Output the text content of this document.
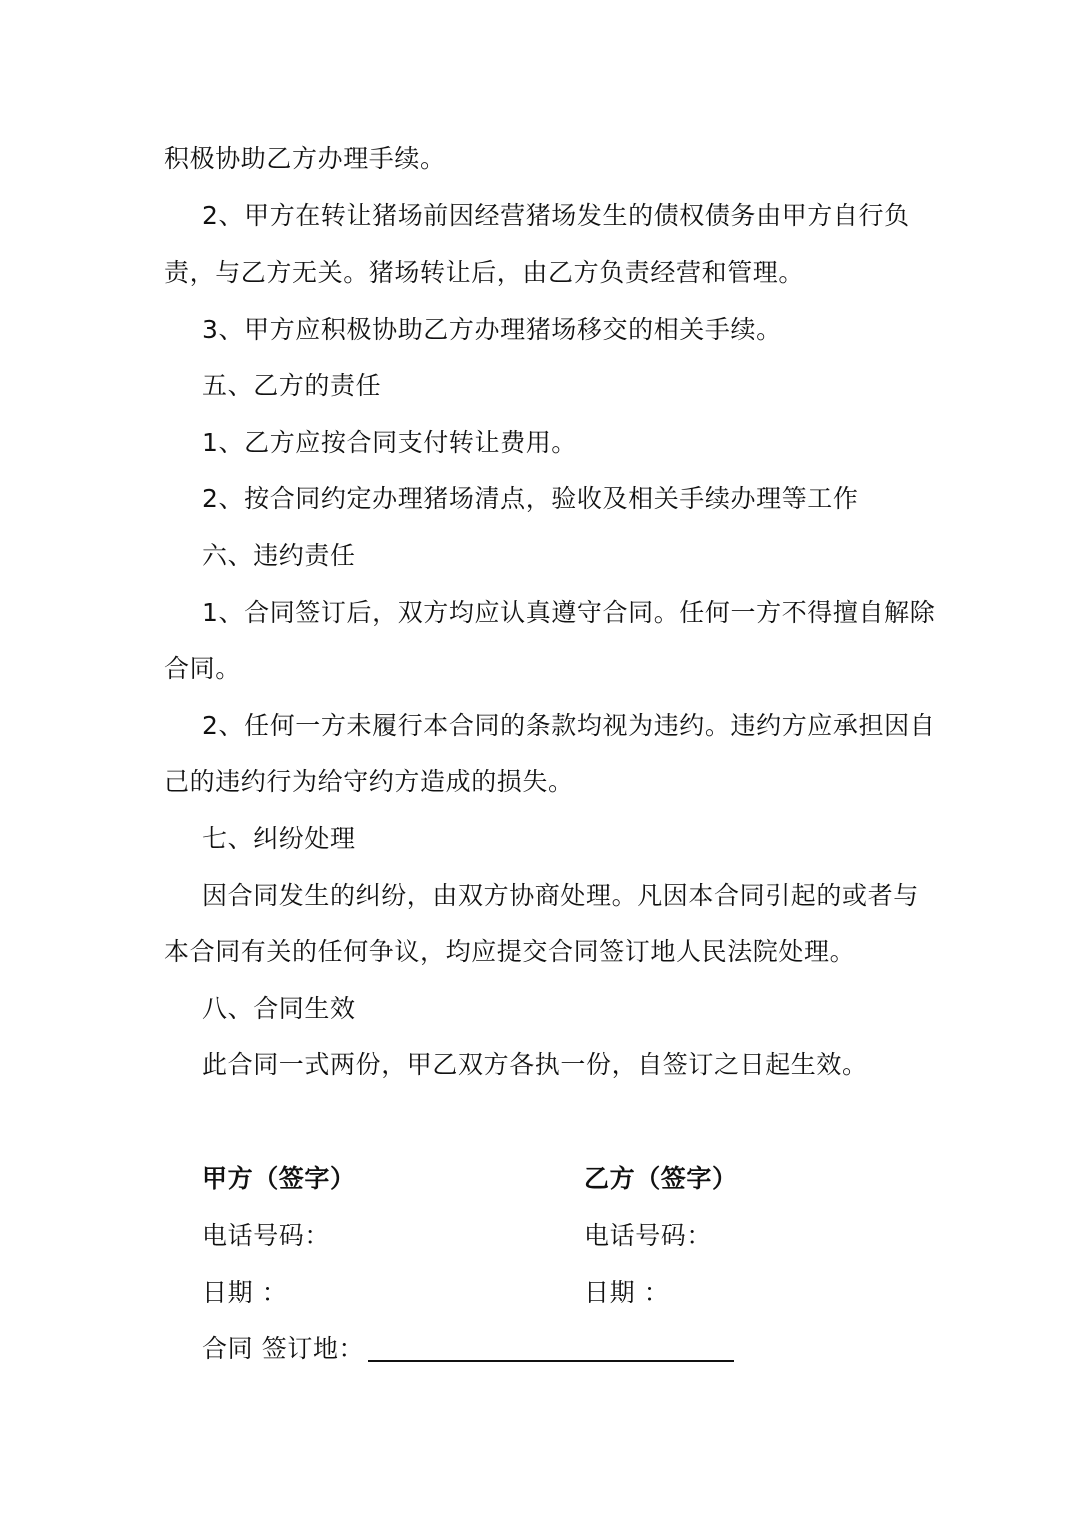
积极协助乙方办理手续。
2、甲方在转让猪场前因经营猪场发生的债权债务由甲方自行负
责，与乙方无关。猪场转让后，由乙方负责经营和管理。
3、甲方应积极协助乙方办理猪场移交的相关手续。
五、乙方的责任
1、乙方应按合同支付转让费用。
2、按合同约定办理猪场清点，验收及相关手续办理等工作
六、违约责任
1、合同签订后，双方均应认真遵守合同。任何一方不得擅自解除
合同。
2、任何一方未履行本合同的条款均视为违约。违约方应承担因自
己的违约行为给守约方造成的损失。
七、纠纷处理
因合同发生的纠纷，由双方协商处理。凡因本合同引起的或者与
本合同有关的任何争议，均应提交合同签订地人民法院处理。
八、合同生效
此合同一式两份，甲乙双方各执一份，自签订之日起生效。
甲方（签字）	乙方（签字）
电话号码：	电话号码：
日期 ：	日期 ：
合同 签订地：
